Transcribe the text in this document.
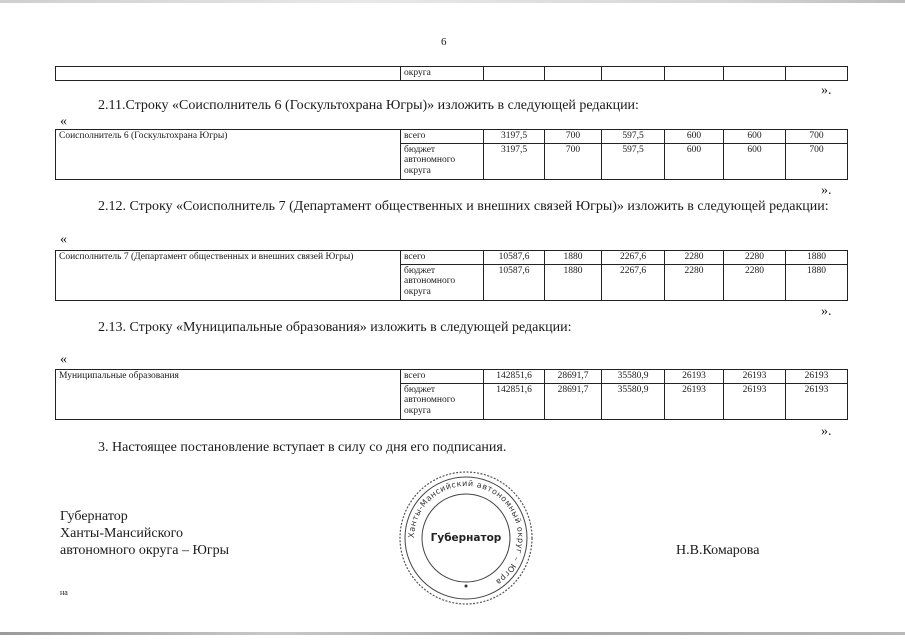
6
	округа						
».
2.11.Строку «Соисполнитель 6 (Госкультохрана Югры)» изложить в следующей редакции:
«
Соисполнитель 6 (Госкультохрана Югры)	всего	3197,5	700	597,5	600	600	700
	бюджет автономного округа	3197,5	700	597,5	600	600	700
».
2.12. Строку «Соисполнитель 7 (Департамент общественных и внешних связей Югры)» изложить в следующей редакции:
«
Соисполнитель 7 (Департамент общественных и внешних связей Югры)	всего	10587,6	1880	2267,6	2280	2280	1880
	бюджет автономного округа	10587,6	1880	2267,6	2280	2280	1880
».
2.13. Строку «Муниципальные образования» изложить в следующей редакции:
«
Муниципальные образования	всего	142851,6	28691,7	35580,9	26193	26193	26193
	бюджет автономного округа	142851,6	28691,7	35580,9	26193	26193	26193
».
3. Настоящее постановление вступает в силу со дня его подписания.
Губернатор
Ханты-Мансийского
автономного округа – Югры	Н.В.Комарова
Ханты-Мансийский автономный округ – Югра
Губернатор
на
